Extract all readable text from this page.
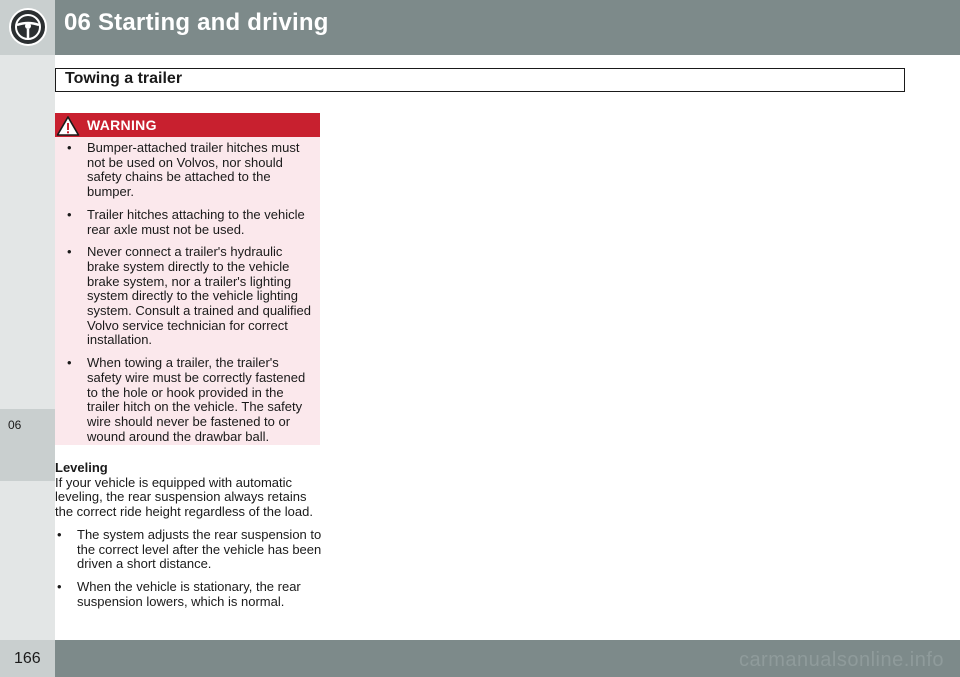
06 Starting and driving
06
Towing a trailer
WARNING
• Bumper-attached trailer hitches must not be used on Volvos, nor should safety chains be attached to the bumper.
• Trailer hitches attaching to the vehicle rear axle must not be used.
• Never connect a trailer's hydraulic brake system directly to the vehicle brake system, nor a trailer's lighting system directly to the vehicle lighting system. Consult a trained and qualified Volvo service technician for correct installation.
• When towing a trailer, the trailer's safety wire must be correctly fastened to the hole or hook provided in the trailer hitch on the vehicle. The safety wire should never be fastened to or wound around the drawbar ball.
Leveling
If your vehicle is equipped with automatic leveling, the rear suspension always retains the correct ride height regardless of the load.
• The system adjusts the rear suspension to the correct level after the vehicle has been driven a short distance.
• When the vehicle is stationary, the rear suspension lowers, which is normal.
166	carmanualsonline.info
